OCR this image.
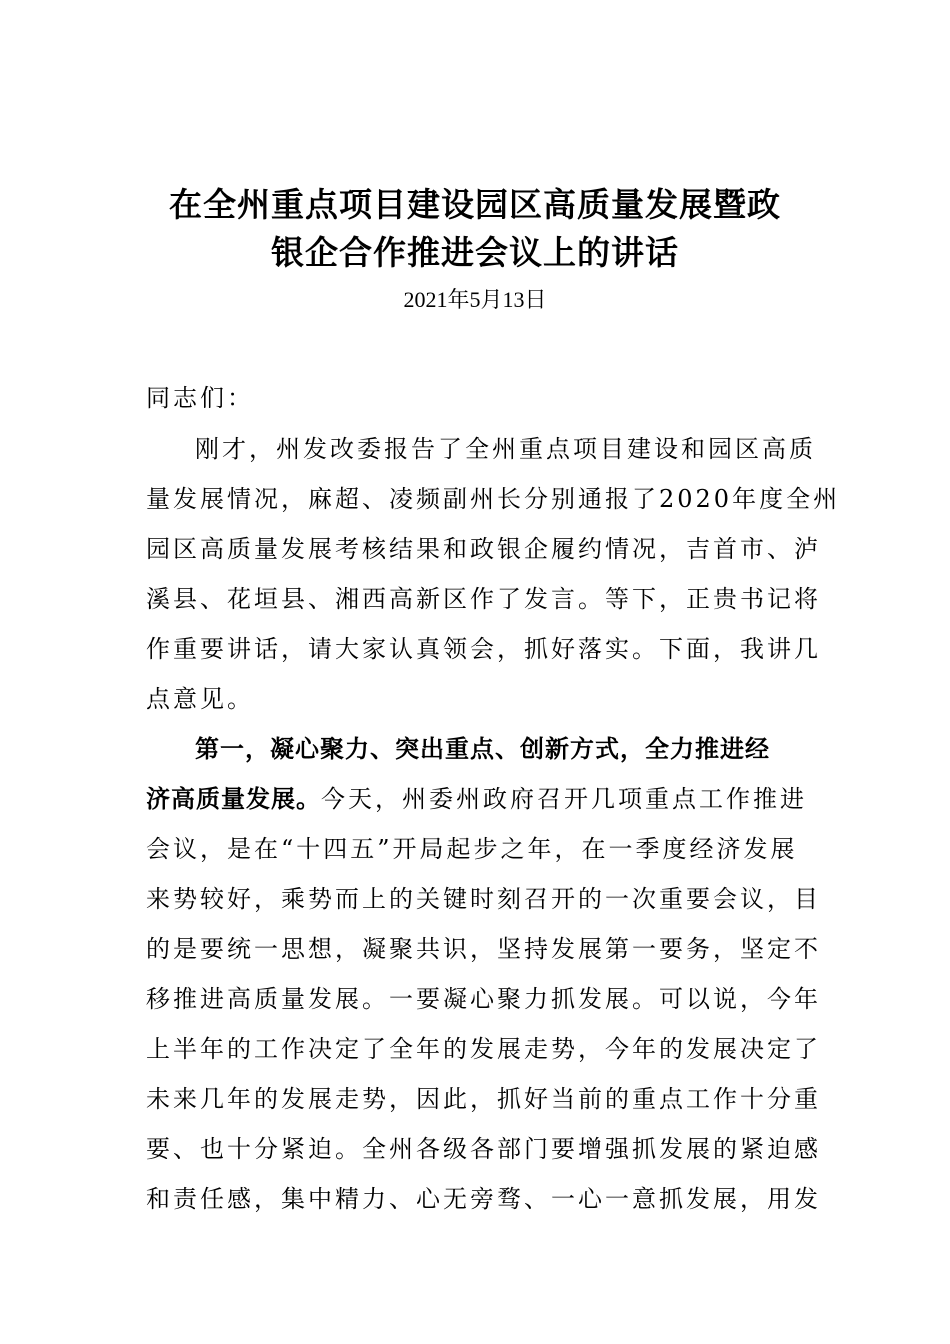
在全州重点项目建设园区高质量发展暨政
银企合作推进会议上的讲话
2021年5月13日
同志们：
刚才，州发改委报告了全州重点项目建设和园区高质
量发展情况，麻超、凌频副州长分别通报了2020年度全州
园区高质量发展考核结果和政银企履约情况，吉首市、泸
溪县、花垣县、湘西高新区作了发言。等下，正贵书记将
作重要讲话，请大家认真领会，抓好落实。下面，我讲几
点意见。
第一，凝心聚力、突出重点、创新方式，全力推进经
济高质量发展。今天，州委州政府召开几项重点工作推进
会议，是在“十四五”开局起步之年，在一季度经济发展
来势较好，乘势而上的关键时刻召开的一次重要会议，目
的是要统一思想，凝聚共识，坚持发展第一要务，坚定不
移推进高质量发展。一要凝心聚力抓发展。可以说，今年
上半年的工作决定了全年的发展走势，今年的发展决定了
未来几年的发展走势，因此，抓好当前的重点工作十分重
要、也十分紧迫。全州各级各部门要增强抓发展的紧迫感
和责任感，集中精力、心无旁骛、一心一意抓发展，用发
